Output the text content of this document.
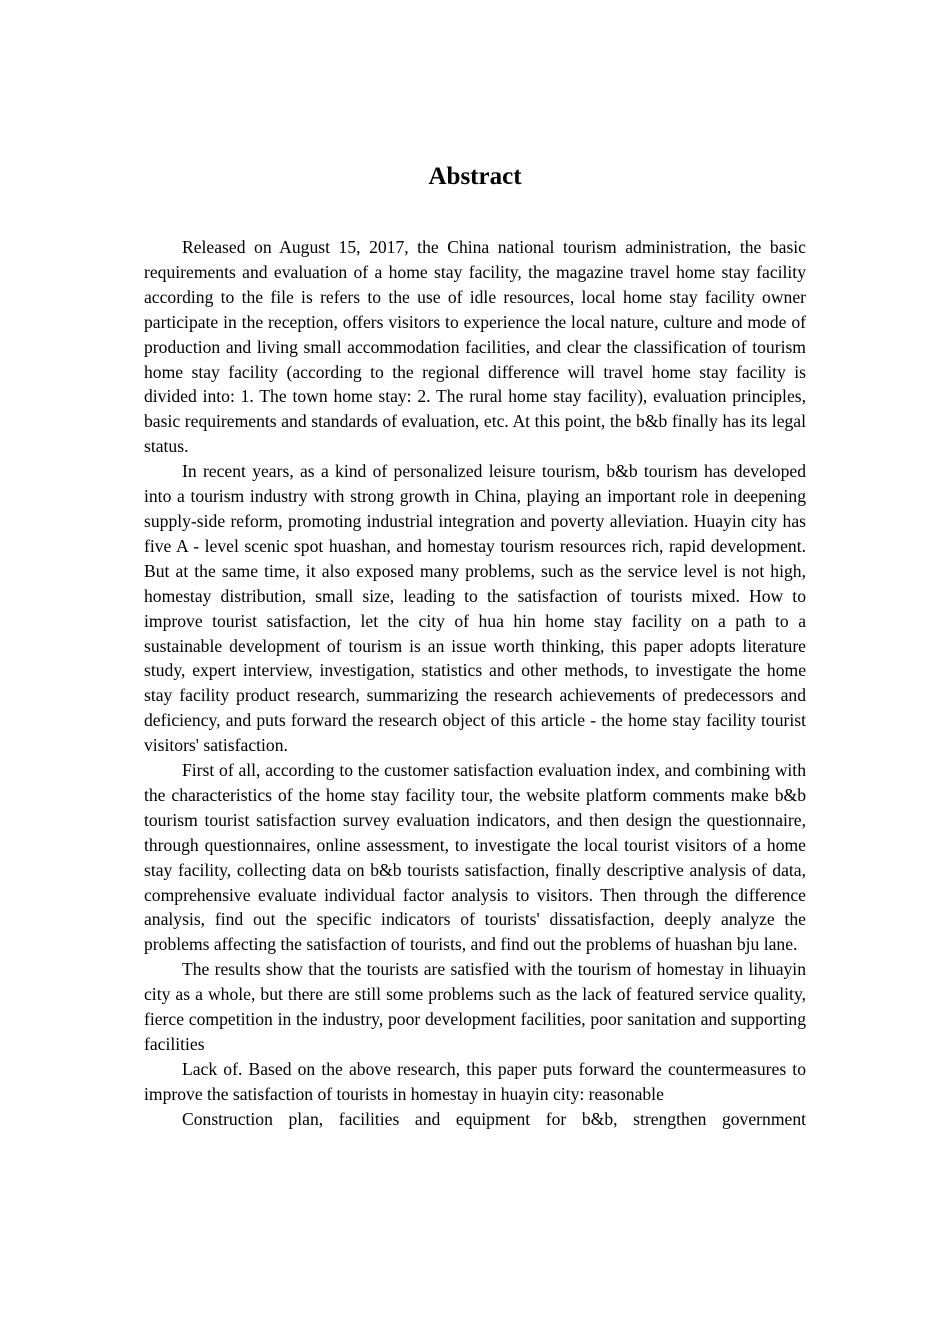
Abstract

Released on August 15, 2017, the China national tourism administration, the basic requirements and evaluation of a home stay facility, the magazine travel home stay facility according to the file is refers to the use of idle resources, local home stay facility owner participate in the reception, offers visitors to experience the local nature, culture and mode of production and living small accommodation facilities, and clear the classification of tourism home stay facility (according to the regional difference will travel home stay facility is divided into: 1. The town home stay: 2. The rural home stay facility), evaluation principles, basic requirements and standards of evaluation, etc. At this point, the b&b finally has its legal status.

In recent years, as a kind of personalized leisure tourism, b&b tourism has developed into a tourism industry with strong growth in China, playing an important role in deepening supply-side reform, promoting industrial integration and poverty alleviation. Huayin city has five A - level scenic spot huashan, and homestay tourism resources rich, rapid development. But at the same time, it also exposed many problems, such as the service level is not high, homestay distribution, small size, leading to the satisfaction of tourists mixed. How to improve tourist satisfaction, let the city of hua hin home stay facility on a path to a sustainable development of tourism is an issue worth thinking, this paper adopts literature study, expert interview, investigation, statistics and other methods, to investigate the home stay facility product research, summarizing the research achievements of predecessors and deficiency, and puts forward the research object of this article - the home stay facility tourist visitors' satisfaction.

First of all, according to the customer satisfaction evaluation index, and combining with the characteristics of the home stay facility tour, the website platform comments make b&b tourism tourist satisfaction survey evaluation indicators, and then design the questionnaire, through questionnaires, online assessment, to investigate the local tourist visitors of a home stay facility, collecting data on b&b tourists satisfaction, finally descriptive analysis of data, comprehensive evaluate individual factor analysis to visitors. Then through the difference analysis, find out the specific indicators of tourists' dissatisfaction, deeply analyze the problems affecting the satisfaction of tourists, and find out the problems of huashan bju lane.

The results show that the tourists are satisfied with the tourism of homestay in lihuayin city as a whole, but there are still some problems such as the lack of featured service quality, fierce competition in the industry, poor development facilities, poor sanitation and supporting facilities

Lack of. Based on the above research, this paper puts forward the countermeasures to improve the satisfaction of tourists in homestay in huayin city: reasonable

Construction plan, facilities and equipment for b&b, strengthen government
